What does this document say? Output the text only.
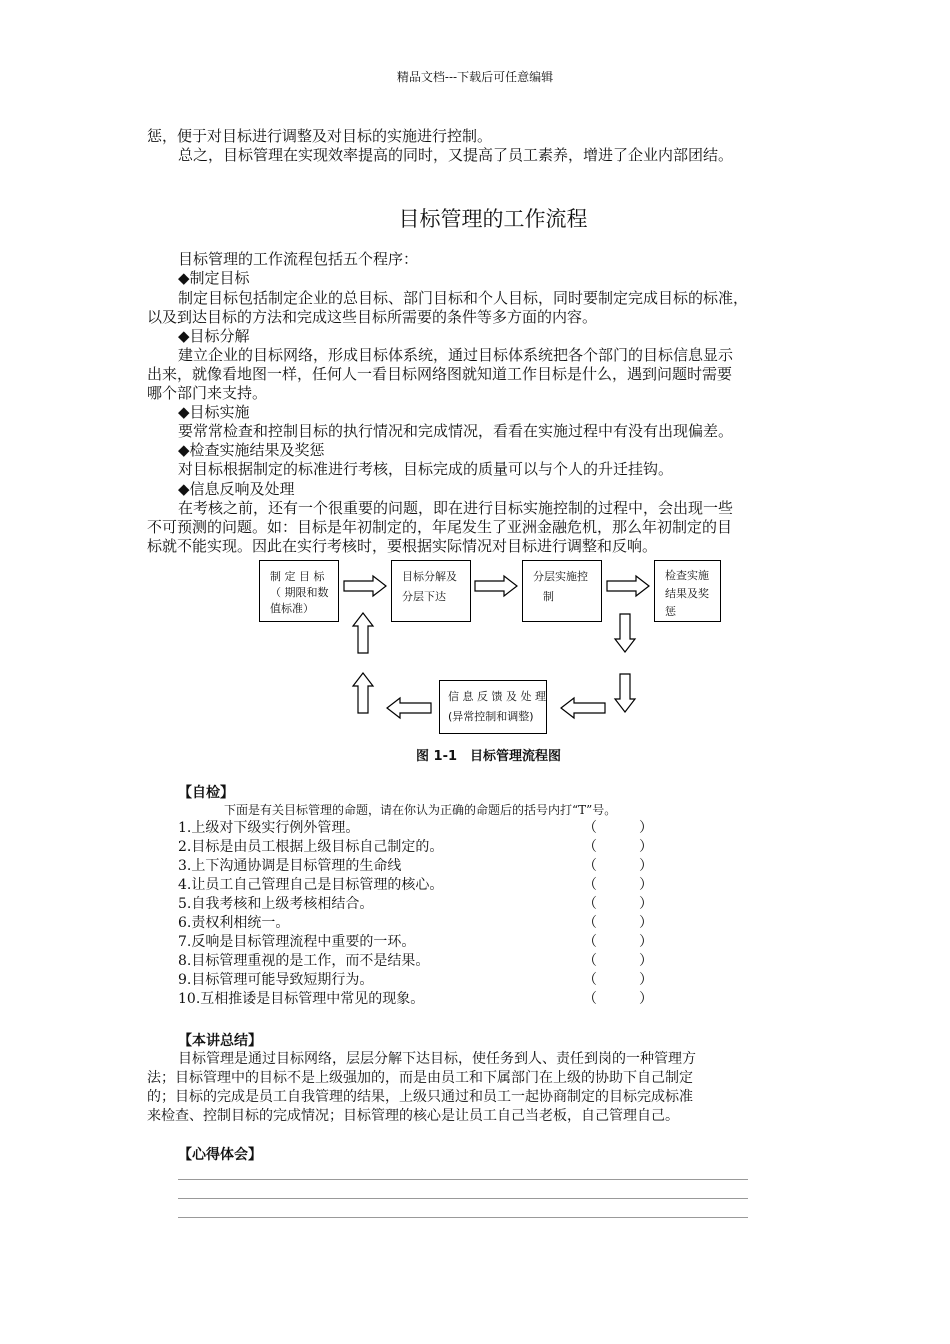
精品文档---下载后可任意编辑
惩，便于对目标进行调整及对目标的实施进行控制。
总之，目标管理在实现效率提高的同时，又提高了员工素养，增进了企业内部团结。
目标管理的工作流程
目标管理的工作流程包括五个程序：
◆制定目标
制定目标包括制定企业的总目标、部门目标和个人目标，同时要制定完成目标的标准，
以及到达目标的方法和完成这些目标所需要的条件等多方面的内容。
◆目标分解
建立企业的目标网络，形成目标体系统，通过目标体系统把各个部门的目标信息显示
出来，就像看地图一样，任何人一看目标网络图就知道工作目标是什么，遇到问题时需要
哪个部门来支持。
◆目标实施
要常常检查和控制目标的执行情况和完成情况，看看在实施过程中有没有出现偏差。
◆检查实施结果及奖惩
对目标根据制定的标准进行考核，目标完成的质量可以与个人的升迁挂钩。
◆信息反响及处理
在考核之前，还有一个很重要的问题，即在进行目标实施控制的过程中，会出现一些
不可预测的问题。如：目标是年初制定的，年尾发生了亚洲金融危机，那么年初制定的目
标就不能实现。因此在实行考核时，要根据实际情况对目标进行调整和反响。
制 定 目 标
（ 期限和数
值标准）
目标分解及
分层下达
分层实施控
制
检查实施
结果及奖
惩
信 息 反 馈 及 处 理
(异常控制和调整)
图 1-1　目标管理流程图
【自检】
下面是有关目标管理的命题，请在你认为正确的命题后的括号内打“T”号。
1.上级对下级实行例外管理。
2.目标是由员工根据上级目标自己制定的。
3.上下沟通协调是目标管理的生命线
4.让员工自己管理自己是目标管理的核心。
5.自我考核和上级考核相结合。
6.责权利相统一。
7.反响是目标管理流程中重要的一环。
8.目标管理重视的是工作，而不是结果。
9.目标管理可能导致短期行为。
10.互相推诿是目标管理中常见的现象。
（　　　）
（　　　）
（　　　）
（　　　）
（　　　）
（　　　）
（　　　）
（　　　）
（　　　）
（　　　）
【本讲总结】
目标管理是通过目标网络，层层分解下达目标，使任务到人、责任到岗的一种管理方
法；目标管理中的目标不是上级强加的，而是由员工和下属部门在上级的协助下自己制定
的；目标的完成是员工自我管理的结果，上级只通过和员工一起协商制定的目标完成标准
来检查、控制目标的完成情况；目标管理的核心是让员工自己当老板，自己管理自己。
【心得体会】
